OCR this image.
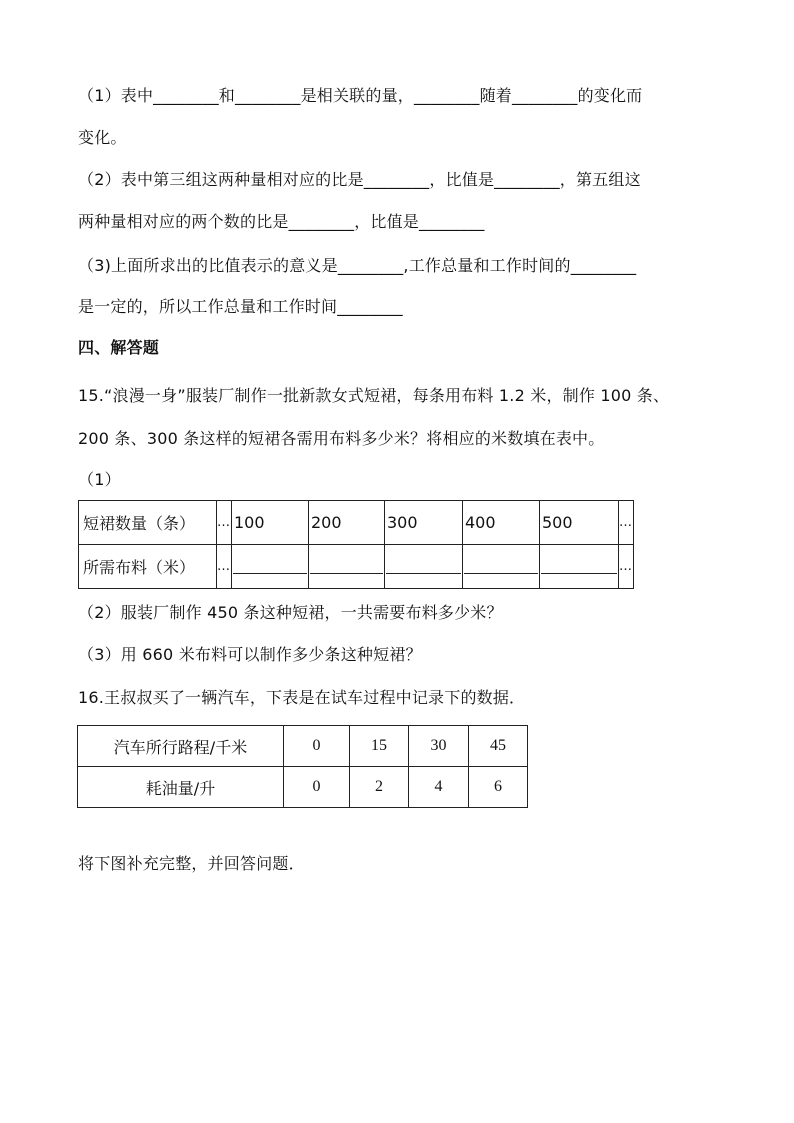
（1）表中________和________是相关联的量，________随着________的变化而
变化。
（2）表中第三组这两种量相对应的比是________，比值是________，第五组这
两种量相对应的两个数的比是________，比值是________
（3)上面所求出的比值表示的意义是________,工作总量和工作时间的________
是一定的，所以工作总量和工作时间________
四、解答题
15.“浪漫一身”服装厂制作一批新款女式短裙，每条用布料 1.2 米，制作 100 条、
200 条、300 条这样的短裙各需用布料多少米？将相应的米数填在表中。
（1）
短裙数量（条）	…	100	200	300	400	500	…
所需布料（米）	…						…
（2）服装厂制作 450 条这种短裙，一共需要布料多少米？
（3）用 660 米布料可以制作多少条这种短裙？
16.王叔叔买了一辆汽车，下表是在试车过程中记录下的数据．
汽车所行路程/千米	0	15	30	45
耗油量/升	0	2	4	6
将下图补充完整，并回答问题．
